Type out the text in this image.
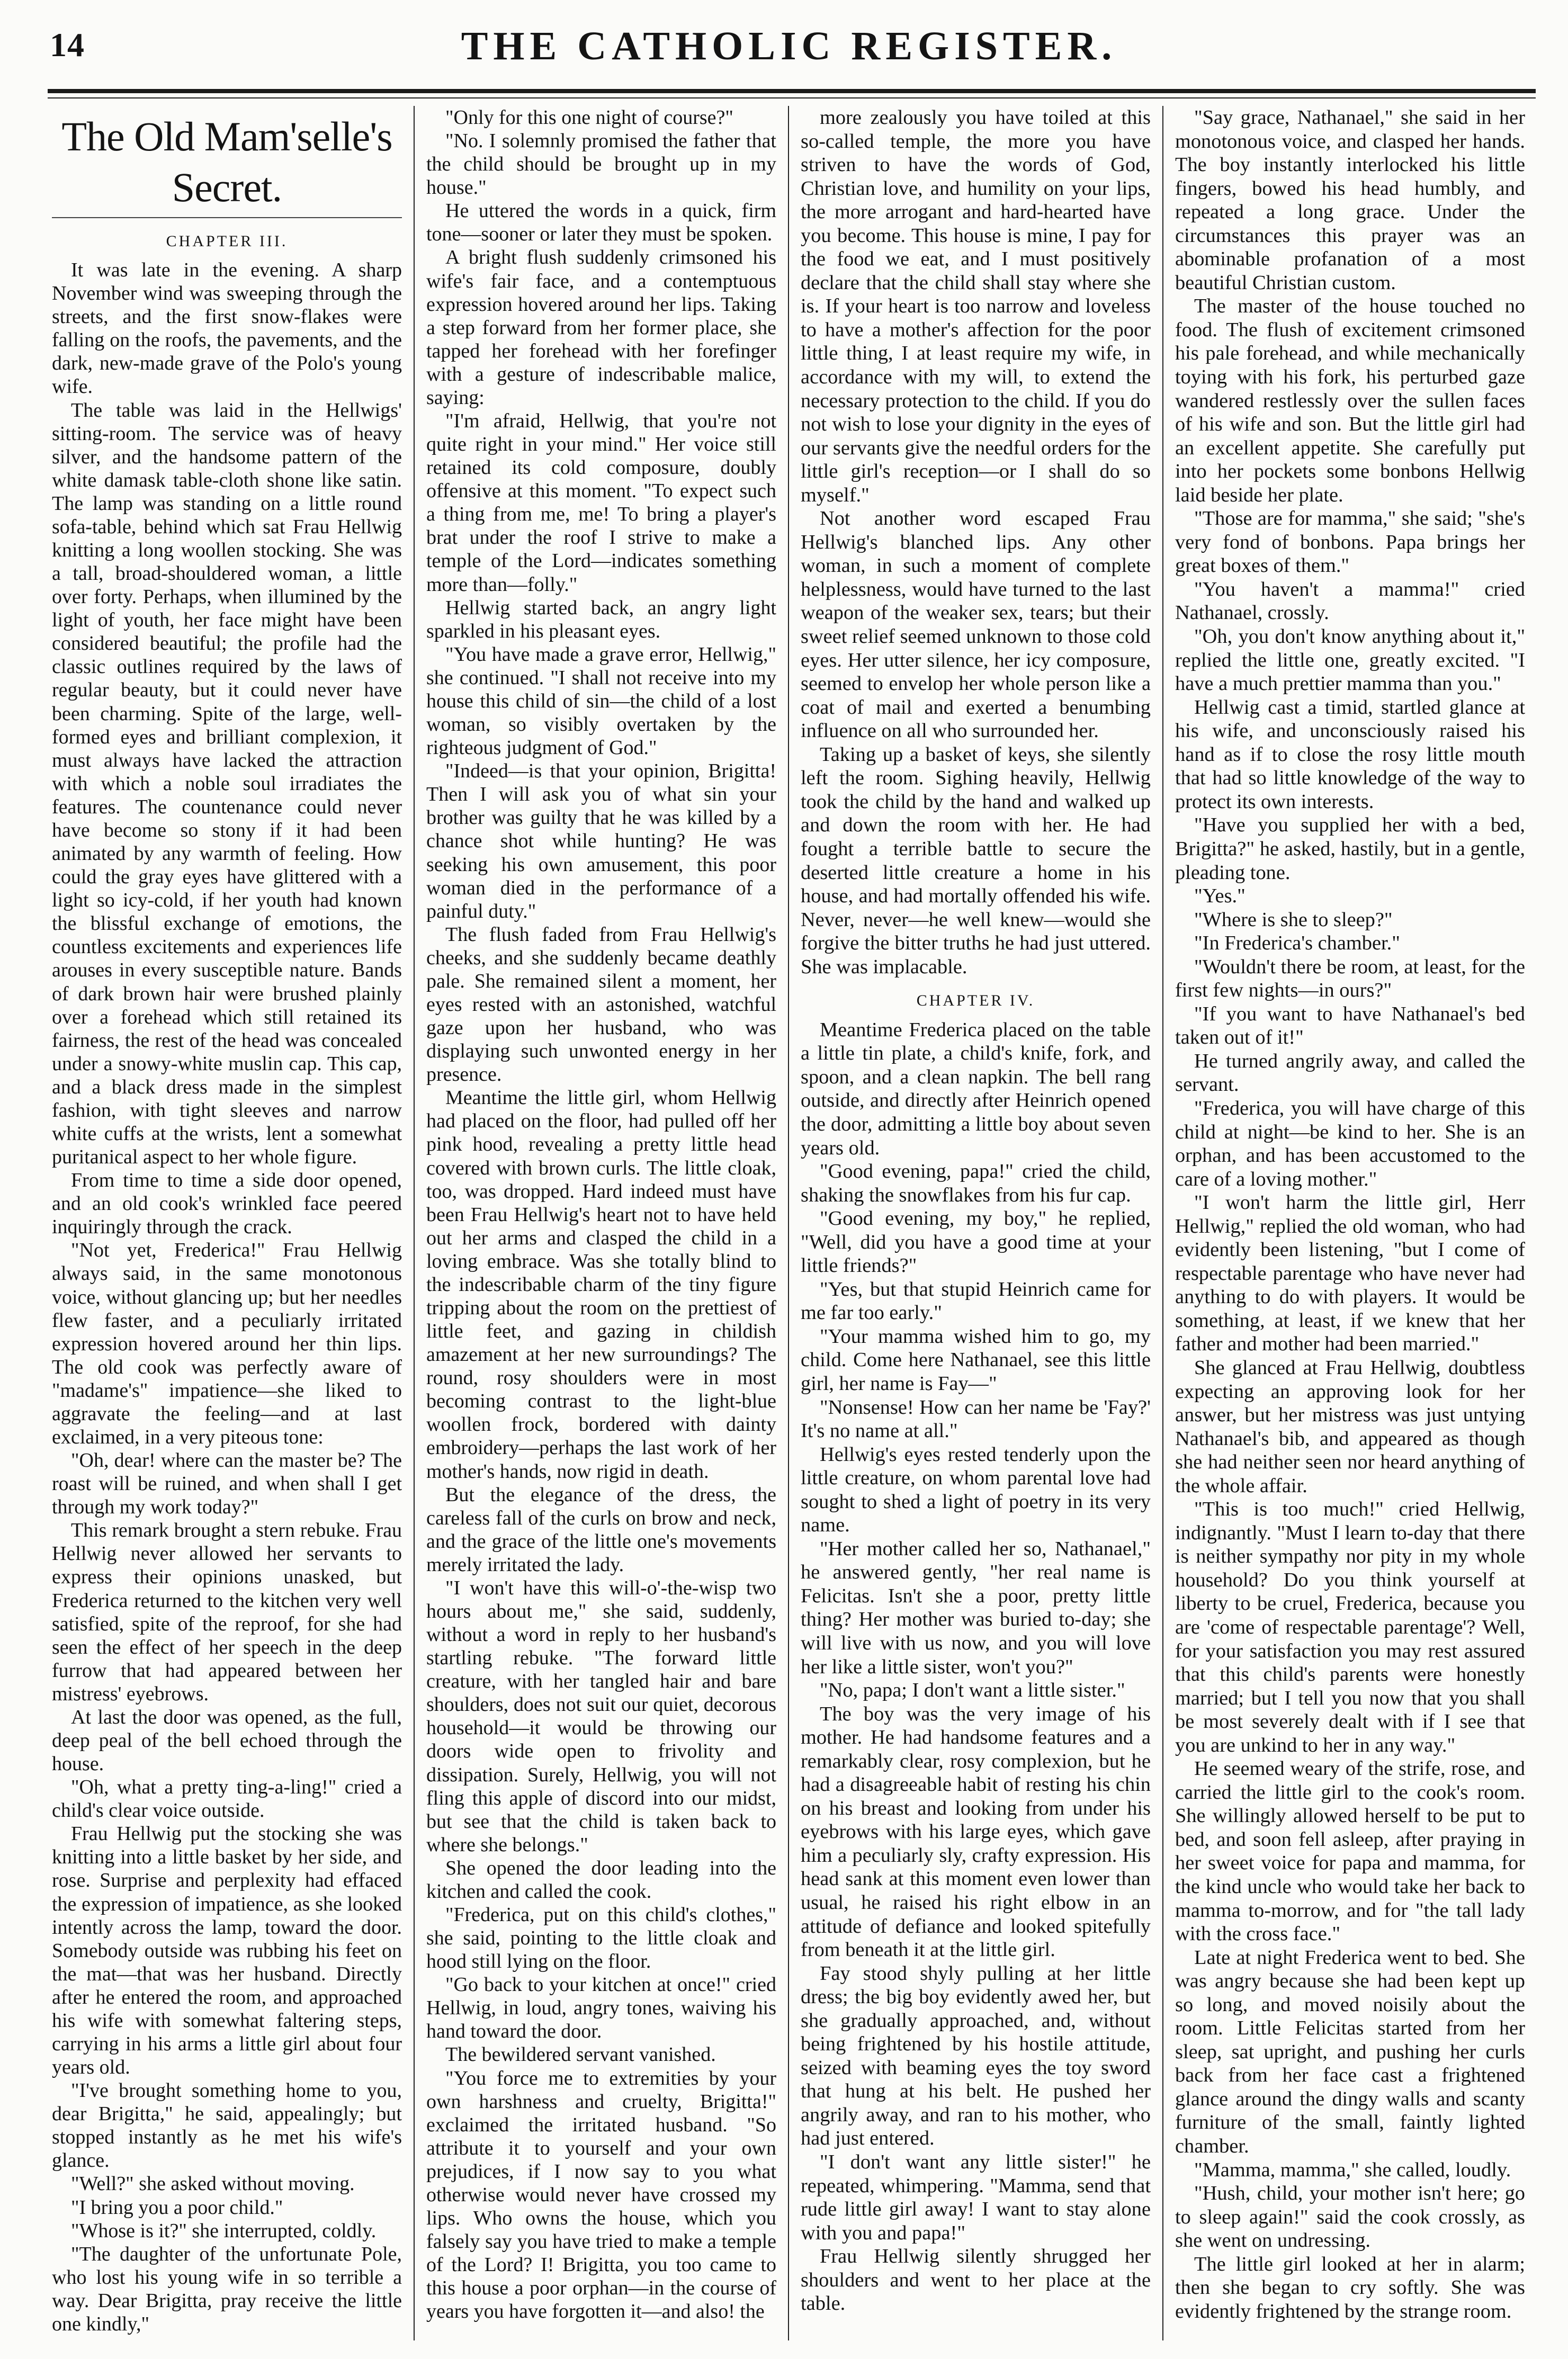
14	THE CATHOLIC REGISTER.
The Old Mam'selle's Secret.
CHAPTER III.

It was late in the evening. A sharp November wind was sweeping through the streets, and the first snow-flakes were falling on the roofs, the pavements, and the dark, new-made grave of the Polo's young wife.

The table was laid in the Hellwigs' sitting-room. The service was of heavy silver, and the handsome pattern of the white damask table-cloth shone like satin. The lamp was standing on a little round sofa-table, behind which sat Frau Hellwig knitting a long woollen stocking. She was a tall, broad-shouldered woman, a little over forty. Perhaps, when illumined by the light of youth, her face might have been considered beautiful; the profile had the classic outlines required by the laws of regular beauty, but it could never have been charming. Spite of the large, well-formed eyes and brilliant complexion, it must always have lacked the attraction with which a noble soul irradiates the features. The countenance could never have become so stony if it had been animated by any warmth of feeling. How could the gray eyes have glittered with a light so icy-cold, if her youth had known the blissful exchange of emotions, the countless excitements and experiences life arouses in every susceptible nature. Bands of dark brown hair were brushed plainly over a forehead which still retained its fairness, the rest of the head was concealed under a snowy-white muslin cap. This cap, and a black dress made in the simplest fashion, with tight sleeves and narrow white cuffs at the wrists, lent a somewhat puritanical aspect to her whole figure.

From time to time a side door opened, and an old cook's wrinkled face peered inquiringly through the crack.

"Not yet, Frederica!" Frau Hellwig always said, in the same monotonous voice, without glancing up; but her needles flew faster, and a peculiarly irritated expression hovered around her thin lips. The old cook was perfectly aware of "madame's" impatience—she liked to aggravate the feeling—and at last exclaimed, in a very piteous tone:

"Oh, dear! where can the master be? The roast will be ruined, and when shall I get through my work today?"

This remark brought a stern rebuke. Frau Hellwig never allowed her servants to express their opinions unasked, but Frederica returned to the kitchen very well satisfied, spite of the reproof, for she had seen the effect of her speech in the deep furrow that had appeared between her mistress' eyebrows.

At last the door was opened, as the full, deep peal of the bell echoed through the house.

"Oh, what a pretty ting-a-ling!" cried a child's clear voice outside.

Frau Hellwig put the stocking she was knitting into a little basket by her side, and rose. Surprise and perplexity had effaced the expression of impatience, as she looked intently across the lamp, toward the door. Somebody outside was rubbing his feet on the mat—that was her husband. Directly after he entered the room, and approached his wife with somewhat faltering steps, carrying in his arms a little girl about four years old.

"I've brought something home to you, dear Brigitta," he said, appealingly; but stopped instantly as he met his wife's glance.

"Well?" she asked without moving.

"I bring you a poor child."

"Whose is it?" she interrupted, coldly.

"The daughter of the unfortunate Pole, who lost his young wife in so terrible a way. Dear Brigitta, pray receive the little one kindly,"

"Only for this one night of course?"

"No. I solemnly promised the father that the child should be brought up in my house."

He uttered the words in a quick, firm tone—sooner or later they must be spoken.

A bright flush suddenly crimsoned his wife's fair face, and a contemptuous expression hovered around her lips. Taking a step forward from her former place, she tapped her forehead with her forefinger with a gesture of indescribable malice, saying:

"I'm afraid, Hellwig, that you're not quite right in your mind." Her voice still retained its cold composure, doubly offensive at this moment. "To expect such a thing from me, me! To bring a player's brat under the roof I strive to make a temple of the Lord—indicates something more than—folly."

Hellwig started back, an angry light sparkled in his pleasant eyes.

"You have made a grave error, Hellwig," she continued. "I shall not receive into my house this child of sin—the child of a lost woman, so visibly overtaken by the righteous judgment of God."

"Indeed—is that your opinion, Brigitta! Then I will ask you of what sin your brother was guilty that he was killed by a chance shot while hunting? He was seeking his own amusement, this poor woman died in the performance of a painful duty."

The flush faded from Frau Hellwig's cheeks, and she suddenly became deathly pale. She remained silent a moment, her eyes rested with an astonished, watchful gaze upon her husband, who was displaying such unwonted energy in her presence.

Meantime the little girl, whom Hellwig had placed on the floor, had pulled off her pink hood, revealing a pretty little head covered with brown curls. The little cloak, too, was dropped. Hard indeed must have been Frau Hellwig's heart not to have held out her arms and clasped the child in a loving embrace. Was she totally blind to the indescribable charm of the tiny figure tripping about the room on the prettiest of little feet, and gazing in childish amazement at her new surroundings? The round, rosy shoulders were in most becoming contrast to the light-blue woollen frock, bordered with dainty embroidery—perhaps the last work of her mother's hands, now rigid in death.

But the elegance of the dress, the careless fall of the curls on brow and neck, and the grace of the little one's movements merely irritated the lady.

"I won't have this will-o'-the-wisp two hours about me," she said, suddenly, without a word in reply to her husband's startling rebuke. "The forward little creature, with her tangled hair and bare shoulders, does not suit our quiet, decorous household—it would be throwing our doors wide open to frivolity and dissipation. Surely, Hellwig, you will not fling this apple of discord into our midst, but see that the child is taken back to where she belongs."

She opened the door leading into the kitchen and called the cook.

"Frederica, put on this child's clothes," she said, pointing to the little cloak and hood still lying on the floor.

"Go back to your kitchen at once!" cried Hellwig, in loud, angry tones, waiving his hand toward the door.

The bewildered servant vanished.

"You force me to extremities by your own harshness and cruelty, Brigitta!" exclaimed the irritated husband. "So attribute it to yourself and your own prejudices, if I now say to you what otherwise would never have crossed my lips. Who owns the house, which you falsely say you have tried to make a temple of the Lord? I! Brigitta, you too came to this house a poor orphan—in the course of years you have forgotten it—and also! the

more zealously you have toiled at this so-called temple, the more you have striven to have the words of God, Christian love, and humility on your lips, the more arrogant and hard-hearted have you become. This house is mine, I pay for the food we eat, and I must positively declare that the child shall stay where she is. If your heart is too narrow and loveless to have a mother's affection for the poor little thing, I at least require my wife, in accordance with my will, to extend the necessary protection to the child. If you do not wish to lose your dignity in the eyes of our servants give the needful orders for the little girl's reception—or I shall do so myself."

Not another word escaped Frau Hellwig's blanched lips. Any other woman, in such a moment of complete helplessness, would have turned to the last weapon of the weaker sex, tears; but their sweet relief seemed unknown to those cold eyes. Her utter silence, her icy composure, seemed to envelop her whole person like a coat of mail and exerted a benumbing influence on all who surrounded her.

Taking up a basket of keys, she silently left the room. Sighing heavily, Hellwig took the child by the hand and walked up and down the room with her. He had fought a terrible battle to secure the deserted little creature a home in his house, and had mortally offended his wife. Never, never—he well knew—would she forgive the bitter truths he had just uttered. She was implacable.

CHAPTER IV.

Meantime Frederica placed on the table a little tin plate, a child's knife, fork, and spoon, and a clean napkin. The bell rang outside, and directly after Heinrich opened the door, admitting a little boy about seven years old.

"Good evening, papa!" cried the child, shaking the snowflakes from his fur cap.

"Good evening, my boy," he replied, "Well, did you have a good time at your little friends?"

"Yes, but that stupid Heinrich came for me far too early."

"Your mamma wished him to go, my child. Come here Nathanael, see this little girl, her name is Fay—"

"Nonsense! How can her name be 'Fay?' It's no name at all."

Hellwig's eyes rested tenderly upon the little creature, on whom parental love had sought to shed a light of poetry in its very name.

"Her mother called her so, Nathanael," he answered gently, "her real name is Felicitas. Isn't she a poor, pretty little thing? Her mother was buried to-day; she will live with us now, and you will love her like a little sister, won't you?"

"No, papa; I don't want a little sister."

The boy was the very image of his mother. He had handsome features and a remarkably clear, rosy complexion, but he had a disagreeable habit of resting his chin on his breast and looking from under his eyebrows with his large eyes, which gave him a peculiarly sly, crafty expression. His head sank at this moment even lower than usual, he raised his right elbow in an attitude of defiance and looked spitefully from beneath it at the little girl.

Fay stood shyly pulling at her little dress; the big boy evidently awed her, but she gradually approached, and, without being frightened by his hostile attitude, seized with beaming eyes the toy sword that hung at his belt. He pushed her angrily away, and ran to his mother, who had just entered.

"I don't want any little sister!" he repeated, whimpering. "Mamma, send that rude little girl away! I want to stay alone with you and papa!"

Frau Hellwig silently shrugged her shoulders and went to her place at the table.

"Say grace, Nathanael," she said in her monotonous voice, and clasped her hands. The boy instantly interlocked his little fingers, bowed his head humbly, and repeated a long grace. Under the circumstances this prayer was an abominable profanation of a most beautiful Christian custom.

The master of the house touched no food. The flush of excitement crimsoned his pale forehead, and while mechanically toying with his fork, his perturbed gaze wandered restlessly over the sullen faces of his wife and son. But the little girl had an excellent appetite. She carefully put into her pockets some bonbons Hellwig laid beside her plate.

"Those are for mamma," she said; "she's very fond of bonbons. Papa brings her great boxes of them."

"You haven't a mamma!" cried Nathanael, crossly.

"Oh, you don't know anything about it," replied the little one, greatly excited. "I have a much prettier mamma than you."

Hellwig cast a timid, startled glance at his wife, and unconsciously raised his hand as if to close the rosy little mouth that had so little knowledge of the way to protect its own interests.

"Have you supplied her with a bed, Brigitta?" he asked, hastily, but in a gentle, pleading tone.

"Yes."

"Where is she to sleep?"

"In Frederica's chamber."

"Wouldn't there be room, at least, for the first few nights—in ours?"

"If you want to have Nathanael's bed taken out of it!"

He turned angrily away, and called the servant.

"Frederica, you will have charge of this child at night—be kind to her. She is an orphan, and has been accustomed to the care of a loving mother."

"I won't harm the little girl, Herr Hellwig," replied the old woman, who had evidently been listening, "but I come of respectable parentage who have never had anything to do with players. It would be something, at least, if we knew that her father and mother had been married."

She glanced at Frau Hellwig, doubtless expecting an approving look for her answer, but her mistress was just untying Nathanael's bib, and appeared as though she had neither seen nor heard anything of the whole affair.

"This is too much!" cried Hellwig, indignantly. "Must I learn to-day that there is neither sympathy nor pity in my whole household? Do you think yourself at liberty to be cruel, Frederica, because you are 'come of respectable parentage'? Well, for your satisfaction you may rest assured that this child's parents were honestly married; but I tell you now that you shall be most severely dealt with if I see that you are unkind to her in any way."

He seemed weary of the strife, rose, and carried the little girl to the cook's room. She willingly allowed herself to be put to bed, and soon fell asleep, after praying in her sweet voice for papa and mamma, for the kind uncle who would take her back to mamma to-morrow, and for "the tall lady with the cross face."

Late at night Frederica went to bed. She was angry because she had been kept up so long, and moved noisily about the room. Little Felicitas started from her sleep, sat upright, and pushing her curls back from her face cast a frightened glance around the dingy walls and scanty furniture of the small, faintly lighted chamber.

"Mamma, mamma," she called, loudly.

"Hush, child, your mother isn't here; go to sleep again!" said the cook crossly, as she went on undressing.

The little girl looked at her in alarm; then she began to cry softly. She was evidently frightened by the strange room.
